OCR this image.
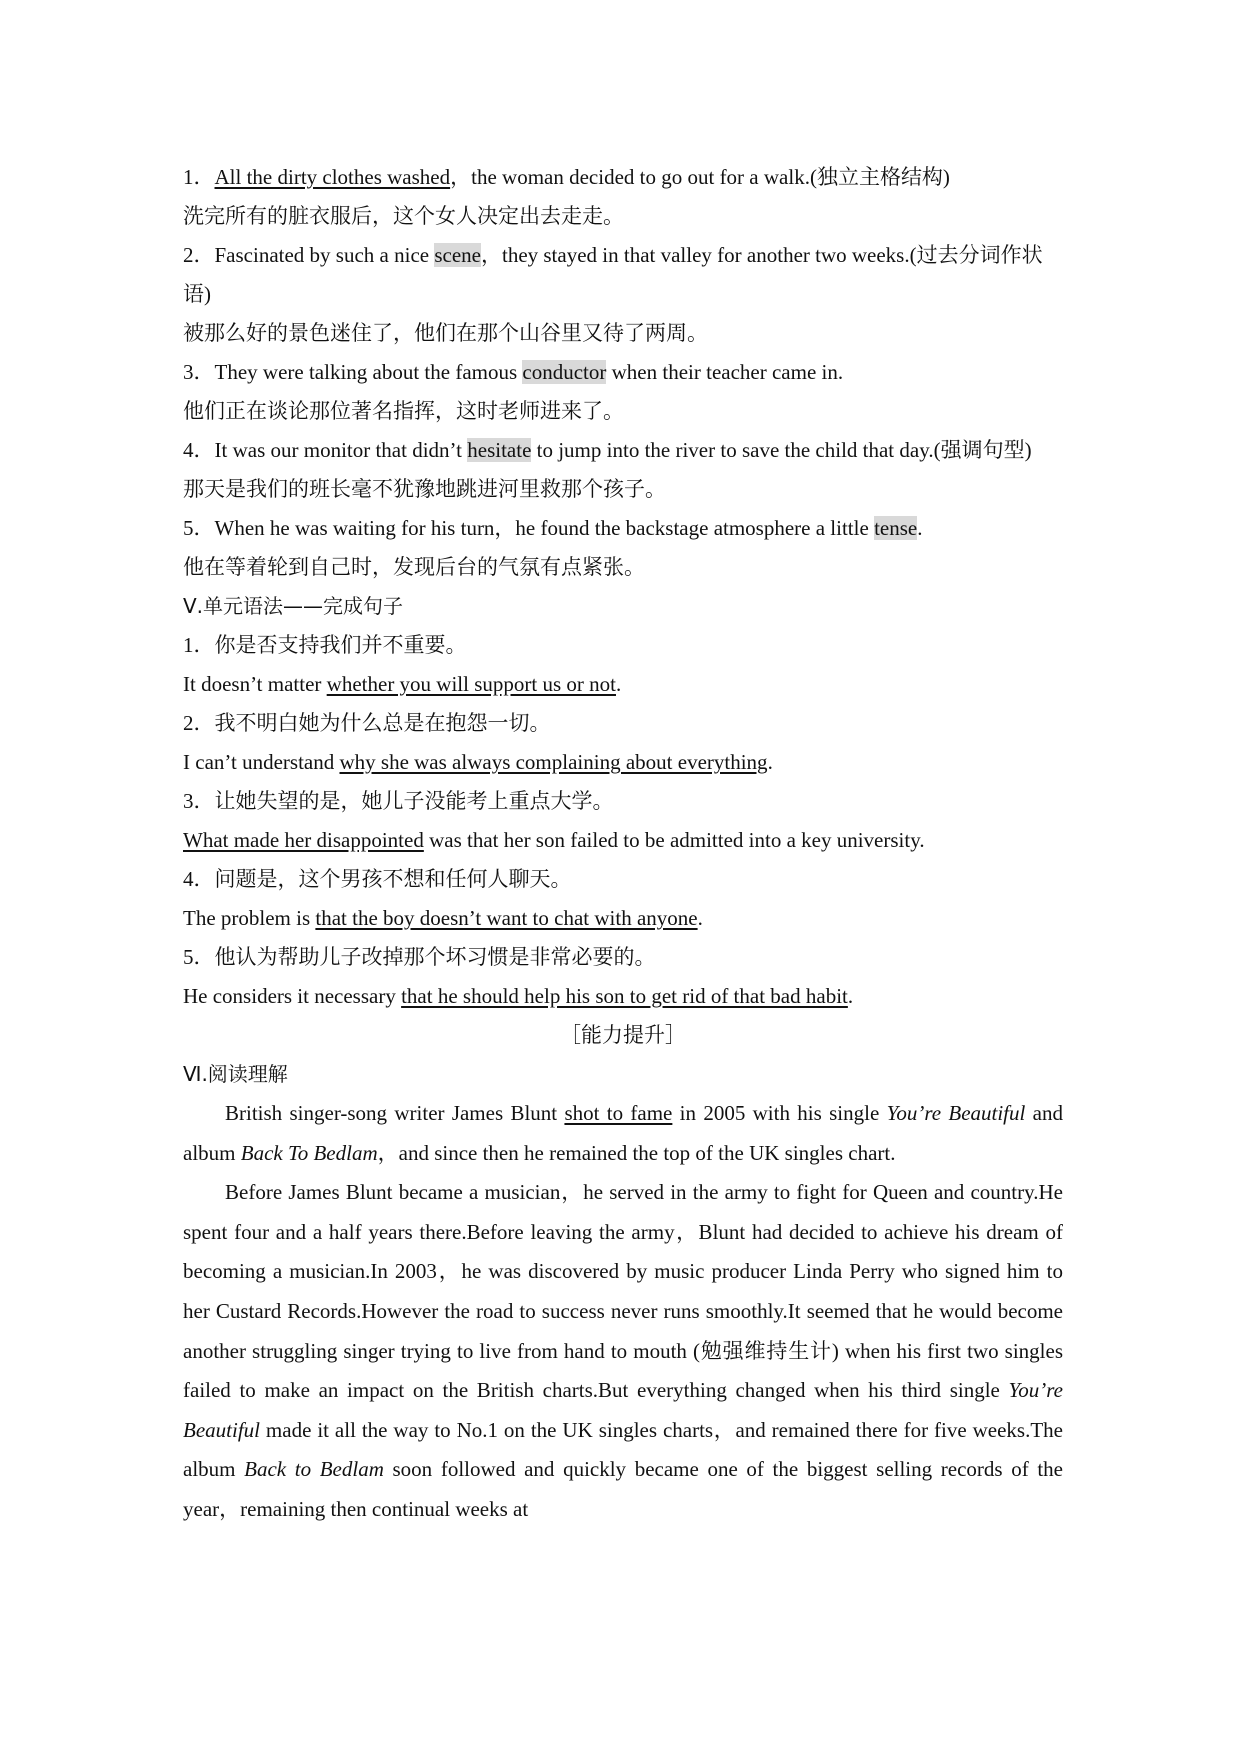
1．All the dirty clothes washed，the woman decided to go out for a walk.(独立主格结构)
洗完所有的脏衣服后，这个女人决定出去走走。
2．Fascinated by such a nice scene，they stayed in that valley for another two weeks.(过去分词作状语)
被那么好的景色迷住了，他们在那个山谷里又待了两周。
3．They were talking about the famous conductor when their teacher came in.
他们正在谈论那位著名指挥，这时老师进来了。
4．It was our monitor that didn’t hesitate to jump into the river to save the child that day.(强调句型)
那天是我们的班长毫不犹豫地跳进河里救那个孩子。
5．When he was waiting for his turn，he found the backstage atmosphere a little tense.
他在等着轮到自己时，发现后台的气氛有点紧张。
Ⅴ.单元语法——完成句子
1．你是否支持我们并不重要。
It doesn’t matter whether you will support us or not.
2．我不明白她为什么总是在抱怨一切。
I can’t understand why she was always complaining about everything.
3．让她失望的是，她儿子没能考上重点大学。
What made her disappointed was that her son failed to be admitted into a key university.
4．问题是，这个男孩不想和任何人聊天。
The problem is that the boy doesn’t want to chat with anyone.
5．他认为帮助儿子改掉那个坏习惯是非常必要的。
He considers it necessary that he should help his son to get rid of that bad habit.
［能力提升］
Ⅵ.阅读理解

British singer-song writer James Blunt shot to fame in 2005 with his single You’re Beautiful and album Back To Bedlam，and since then he remained the top of the UK singles chart.

Before James Blunt became a musician，he served in the army to fight for Queen and country.He spent four and a half years there.Before leaving the army，Blunt had decided to achieve his dream of becoming a musician.In 2003，he was discovered by music producer Linda Perry who signed him to her Custard Records.However the road to success never runs smoothly.It seemed that he would become another struggling singer trying to live from hand to mouth (勉强维持生计) when his first two singles failed to make an impact on the British charts.But everything changed when his third single You’re Beautiful made it all the way to No.1 on the UK singles charts，and remained there for five weeks.The album Back to Bedlam soon followed and quickly became one of the biggest selling records of the year，remaining then continual weeks at
